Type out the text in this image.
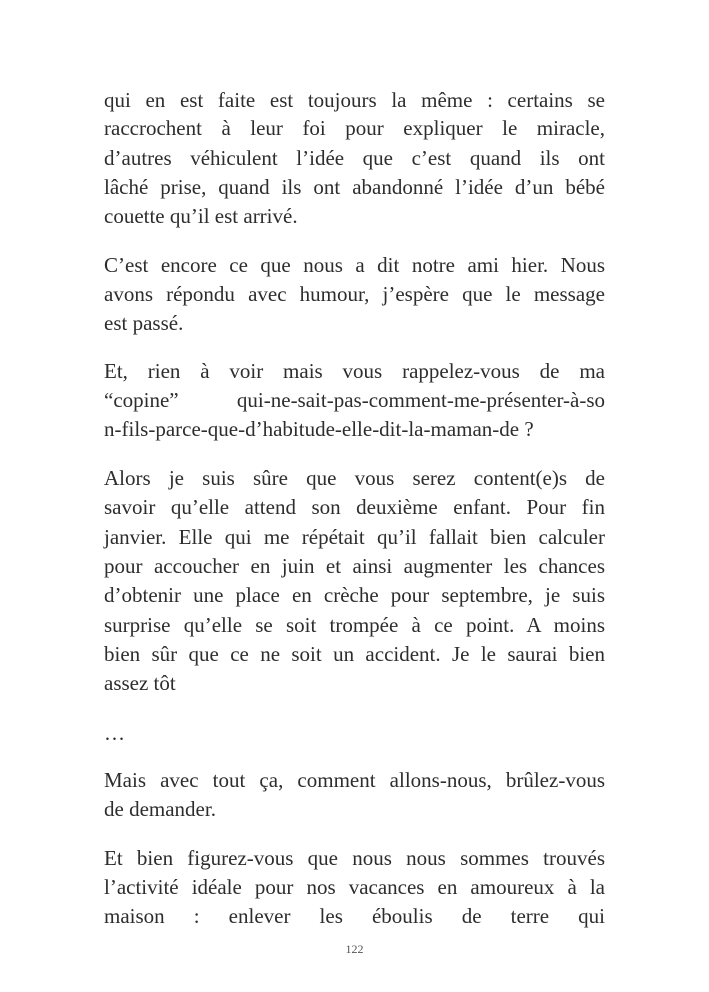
qui en est faite est toujours la même : certains se
raccrochent à leur foi pour expliquer le miracle,
d’autres véhiculent l’idée que c’est quand ils ont
lâché prise, quand ils ont abandonné l’idée d’un bébé
couette qu’il est arrivé.
C’est encore ce que nous a dit notre ami hier. Nous
avons répondu avec humour, j’espère que le message
est passé.
Et, rien à voir mais vous rappelez-vous de ma
“copine” qui-ne-sait-pas-comment-me-présenter-à-so
n-fils-parce-que-d’habitude-elle-dit-la-maman-de ?
Alors je suis sûre que vous serez content(e)s de
savoir qu’elle attend son deuxième enfant. Pour fin
janvier. Elle qui me répétait qu’il fallait bien calculer
pour accoucher en juin et ainsi augmenter les chances
d’obtenir une place en crèche pour septembre, je suis
surprise qu’elle se soit trompée à ce point. A moins
bien sûr que ce ne soit un accident. Je le saurai bien
assez tôt
…
Mais avec tout ça, comment allons-nous, brûlez-vous
de demander.
Et bien figurez-vous que nous nous sommes trouvés
l’activité idéale pour nos vacances en amoureux à la
maison : enlever les éboulis de terre qui
122
